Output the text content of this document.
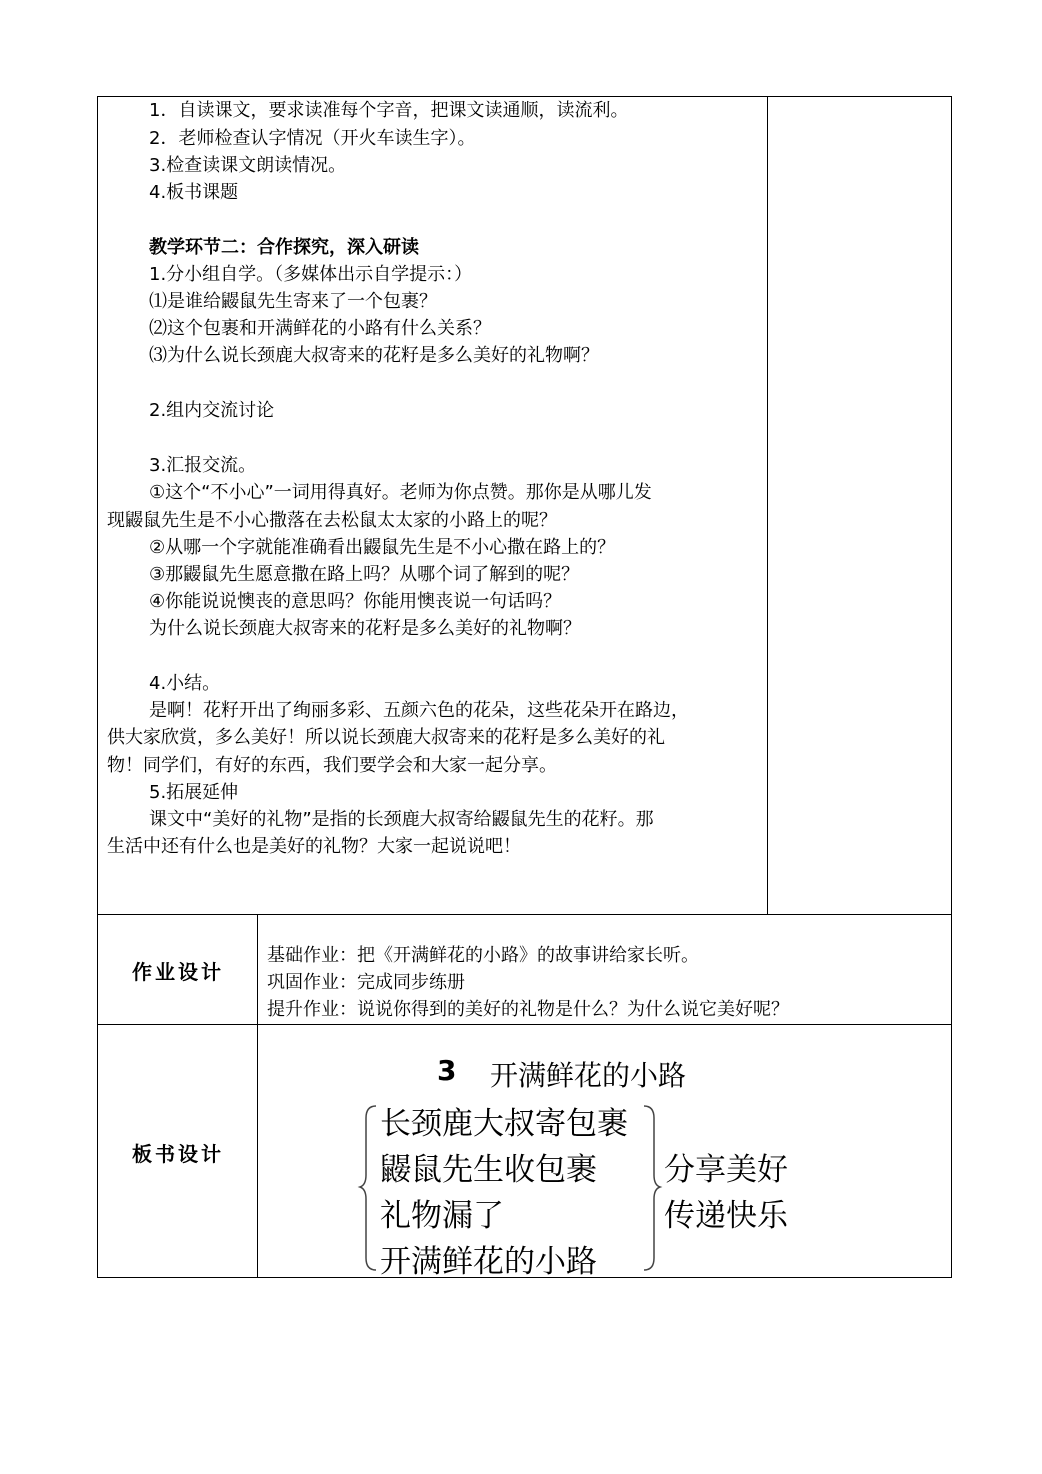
1．自读课文，要求读准每个字音，把课文读通顺，读流利。
2．老师检查认字情况（开火车读生字）。
3.检查读课文朗读情况。
4.板书课题
教学环节二：合作探究，深入研读
1.分小组自学。（多媒体出示自学提示：）
⑴是谁给鼹鼠先生寄来了一个包裹？
⑵这个包裹和开满鲜花的小路有什么关系？
⑶为什么说长颈鹿大叔寄来的花籽是多么美好的礼物啊？
2.组内交流讨论
3.汇报交流。
①这个“不小心”一词用得真好。老师为你点赞。那你是从哪儿发
现鼹鼠先生是不小心撒落在去松鼠太太家的小路上的呢？
②从哪一个字就能准确看出鼹鼠先生是不小心撒在路上的？
③那鼹鼠先生愿意撒在路上吗？从哪个词了解到的呢？
④你能说说懊丧的意思吗？你能用懊丧说一句话吗？
为什么说长颈鹿大叔寄来的花籽是多么美好的礼物啊？
4.小结。
是啊！花籽开出了绚丽多彩、五颜六色的花朵，这些花朵开在路边，
供大家欣赏，多么美好！所以说长颈鹿大叔寄来的花籽是多么美好的礼
物！同学们，有好的东西，我们要学会和大家一起分享。
5.拓展延伸
课文中“美好的礼物”是指的长颈鹿大叔寄给鼹鼠先生的花籽。那
生活中还有什么也是美好的礼物？大家一起说说吧！
作业设计
基础作业：把《开满鲜花的小路》的故事讲给家长听。
巩固作业：完成同步练册
提升作业：说说你得到的美好的礼物是什么？为什么说它美好呢？
板书设计
3 开满鲜花的小路
长颈鹿大叔寄包裹
鼹鼠先生收包裹
礼物漏了
开满鲜花的小路
分享美好
传递快乐
